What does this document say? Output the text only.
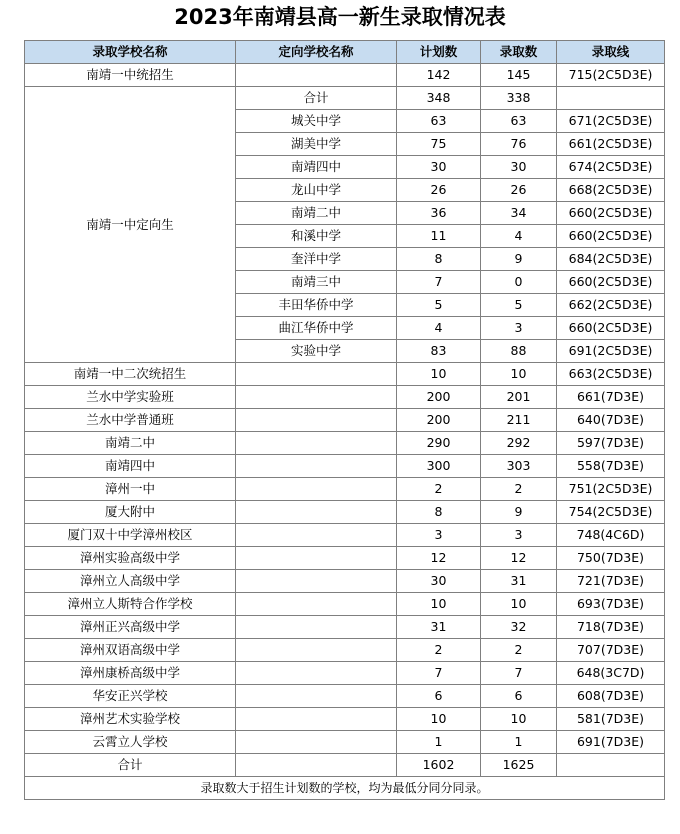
2023年南靖县高一新生录取情况表
录取学校名称	定向学校名称	计划数	录取数	录取线
南靖一中统招生		142	145	715(2C5D3E)
南靖一中定向生	合计	348	338	
	城关中学	63	63	671(2C5D3E)
	湖美中学	75	76	661(2C5D3E)
	南靖四中	30	30	674(2C5D3E)
	龙山中学	26	26	668(2C5D3E)
	南靖二中	36	34	660(2C5D3E)
	和溪中学	11	4	660(2C5D3E)
	奎洋中学	8	9	684(2C5D3E)
	南靖三中	7	0	660(2C5D3E)
	丰田华侨中学	5	5	662(2C5D3E)
	曲江华侨中学	4	3	660(2C5D3E)
	实验中学	83	88	691(2C5D3E)
南靖一中二次统招生		10	10	663(2C5D3E)
兰水中学实验班		200	201	661(7D3E)
兰水中学普通班		200	211	640(7D3E)
南靖二中		290	292	597(7D3E)
南靖四中		300	303	558(7D3E)
漳州一中		2	2	751(2C5D3E)
厦大附中		8	9	754(2C5D3E)
厦门双十中学漳州校区		3	3	748(4C6D)
漳州实验高级中学		12	12	750(7D3E)
漳州立人高级中学		30	31	721(7D3E)
漳州立人斯特合作学校		10	10	693(7D3E)
漳州正兴高级中学		31	32	718(7D3E)
漳州双语高级中学		2	2	707(7D3E)
漳州康桥高级中学		7	7	648(3C7D)
华安正兴学校		6	6	608(7D3E)
漳州艺术实验学校		10	10	581(7D3E)
云霄立人学校		1	1	691(7D3E)
合计		1602	1625	
录取数大于招生计划数的学校，均为最低分同分同录。				
